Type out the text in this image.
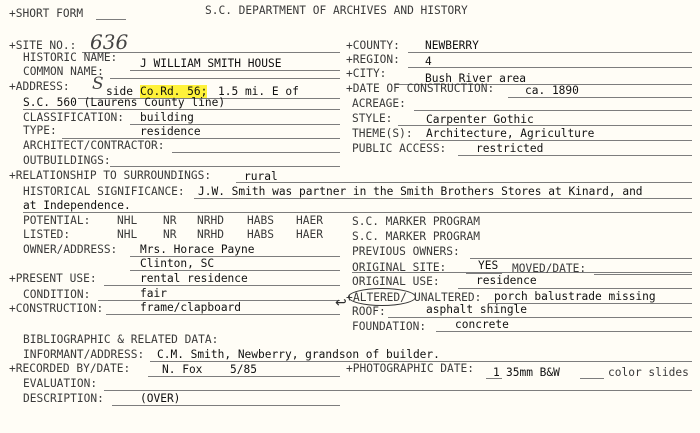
+SHORT FORM	S.C. DEPARTMENT OF ARCHIVES AND HISTORY
+SITE NO.: 636
HISTORIC NAME: J WILLIAM SMITH HOUSE
COMMON NAME:
+ADDRESS: S side Co.Rd. 56; 1.5 mi. E of
S.C. 560 (Laurens County line)
CLASSIFICATION: building
TYPE:	residence
ARCHITECT/CONTRACTOR:
OUTBUILDINGS:
+COUNTY: NEWBERRY
+REGION: 4
+CITY:	Bush River area
+DATE OF CONSTRUCTION:	ca. 1890
ACREAGE:
STYLE:	Carpenter Gothic
THEME(S): Architecture, Agriculture
PUBLIC ACCESS:	restricted
+RELATIONSHIP TO SURROUNDINGS:	rural
HISTORICAL SIGNIFICANCE: J.W. Smith was partner in the Smith Brothers Stores at Kinard, and
at Independence.
POTENTIAL: NHL NR NRHD HABS HAER	S.C. MARKER PROGRAM
LISTED:	NHL NR NRHD HABS HAER	S.C. MARKER PROGRAM
OWNER/ADDRESS: Mrs. Horace Payne
Clinton, SC
PREVIOUS OWNERS:
ORIGINAL SITE:	YES MOVED/DATE:
ORIGINAL USE:	residence
+PRESENT USE:	rental residence
CONDITION:	fair
+CONSTRUCTION:	frame/clapboard
+ ALTERED/
↩	UNALTERED: porch balustrade missing
ROOF:	asphalt shingle
FOUNDATION:	concrete
BIBLIOGRAPHIC & RELATED DATA:
INFORMANT/ADDRESS: C.M. Smith, Newberry, grandson of builder.
+RECORDED BY/DATE:	N. Fox 5/85	+PHOTOGRAPHIC DATE: 1 35mm B&W	color slides
EVALUATION:
DESCRIPTION:	(OVER)
